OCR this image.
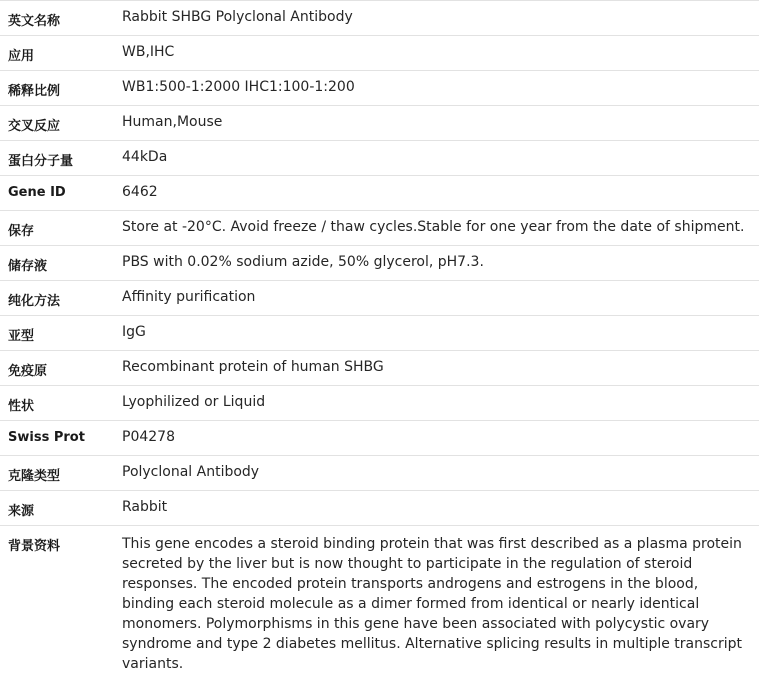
英文名称	Rabbit SHBG Polyclonal Antibody
应用	WB,IHC
稀释比例	WB1:500-1:2000 IHC1:100-1:200
交叉反应	Human,Mouse
蛋白分子量	44kDa
Gene ID	6462
保存	Store at -20°C. Avoid freeze / thaw cycles.Stable for one year from the date of shipment.
储存液	PBS with 0.02% sodium azide, 50% glycerol, pH7.3.
纯化方法	Affinity purification
亚型	IgG
免疫原	Recombinant protein of human SHBG
性状	Lyophilized or Liquid
Swiss Prot	P04278
克隆类型	Polyclonal Antibody
来源	Rabbit
背景资料	This gene encodes a steroid binding protein that was first described as a plasma protein secreted by the liver but is now thought to participate in the regulation of steroid responses. The encoded protein transports androgens and estrogens in the blood, binding each steroid molecule as a dimer formed from identical or nearly identical monomers. Polymorphisms in this gene have been associated with polycystic ovary syndrome and type 2 diabetes mellitus. Alternative splicing results in multiple transcript variants.
